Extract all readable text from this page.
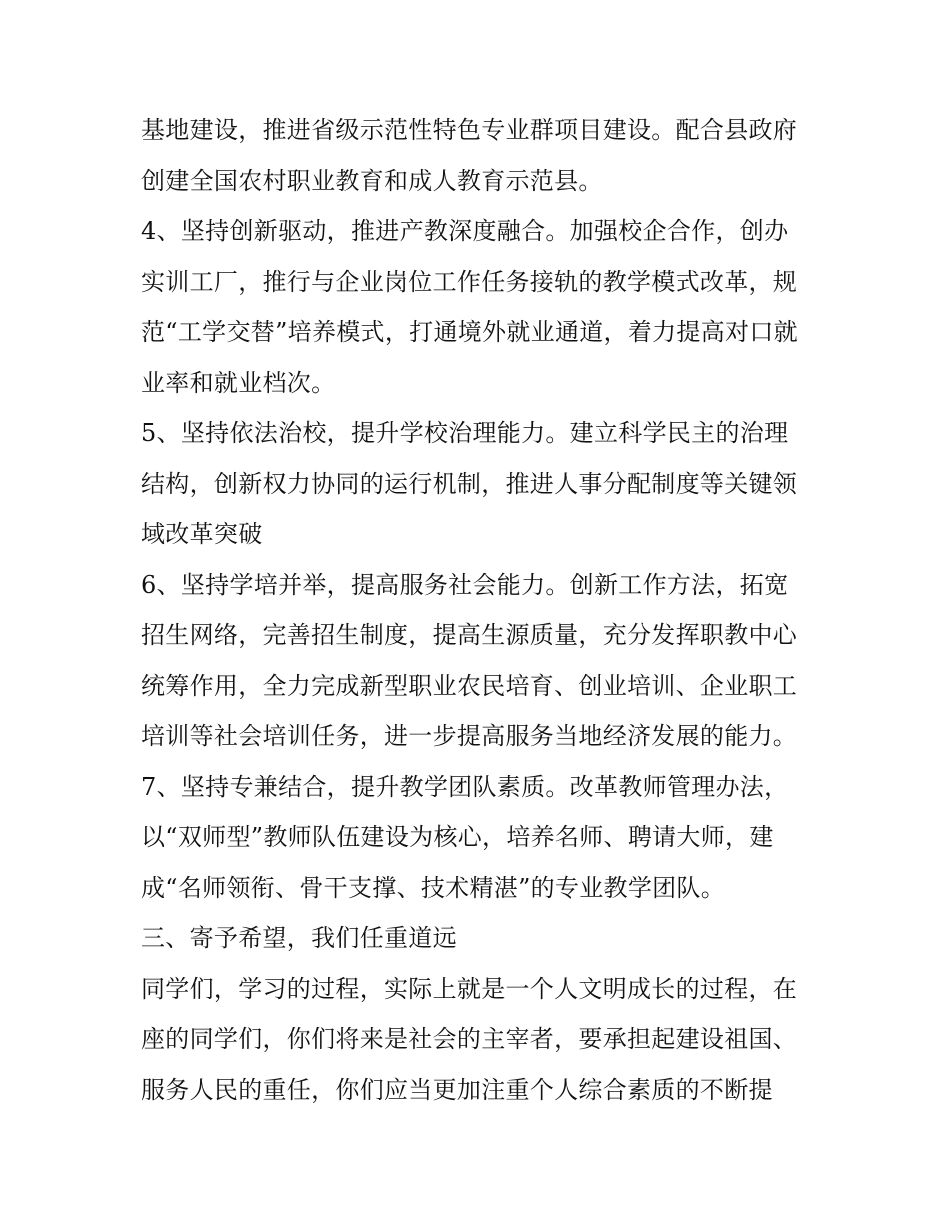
基地建设，推进省级示范性特色专业群项目建设。配合县政府
创建全国农村职业教育和成人教育示范县。
4、坚持创新驱动，推进产教深度融合。加强校企合作，创办
实训工厂，推行与企业岗位工作任务接轨的教学模式改革，规
范“工学交替”培养模式，打通境外就业通道，着力提高对口就
业率和就业档次。
5、坚持依法治校，提升学校治理能力。建立科学民主的治理
结构，创新权力协同的运行机制，推进人事分配制度等关键领
域改革突破
6、坚持学培并举，提高服务社会能力。创新工作方法，拓宽
招生网络，完善招生制度，提高生源质量，充分发挥职教中心
统筹作用，全力完成新型职业农民培育、创业培训、企业职工
培训等社会培训任务，进一步提高服务当地经济发展的能力。
7、坚持专兼结合，提升教学团队素质。改革教师管理办法，
以“双师型”教师队伍建设为核心，培养名师、聘请大师，建
成“名师领衔、骨干支撑、技术精湛”的专业教学团队。
三、寄予希望，我们任重道远
同学们，学习的过程，实际上就是一个人文明成长的过程，在
座的同学们，你们将来是社会的主宰者，要承担起建设祖国、
服务人民的重任，你们应当更加注重个人综合素质的不断提
